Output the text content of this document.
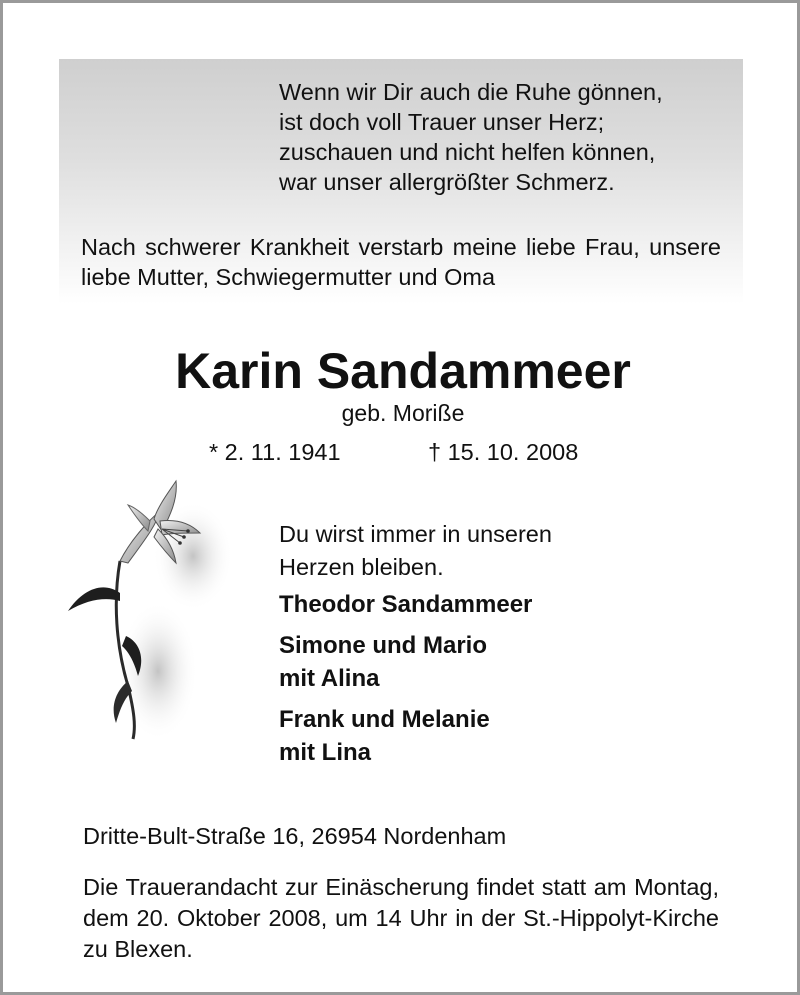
Wenn wir Dir auch die Ruhe gönnen,
ist doch voll Trauer unser Herz;
zuschauen und nicht helfen können,
war unser allergrößter Schmerz.
Nach schwerer Krankheit verstarb meine liebe Frau, unsere liebe Mutter, Schwiegermutter und Oma
Karin Sandammeer
geb. Moriße
* 2. 11. 1941	† 15. 10. 2008
Du wirst immer in unseren
Herzen bleiben.
Theodor Sandammeer
Simone und Mario
mit Alina
Frank und Melanie
mit Lina
Dritte-Bult-Straße 16, 26954 Nordenham
Die Trauerandacht zur Einäscherung findet statt am Montag, dem 20. Oktober 2008, um 14 Uhr in der St.-Hippolyt-Kirche zu Blexen.
